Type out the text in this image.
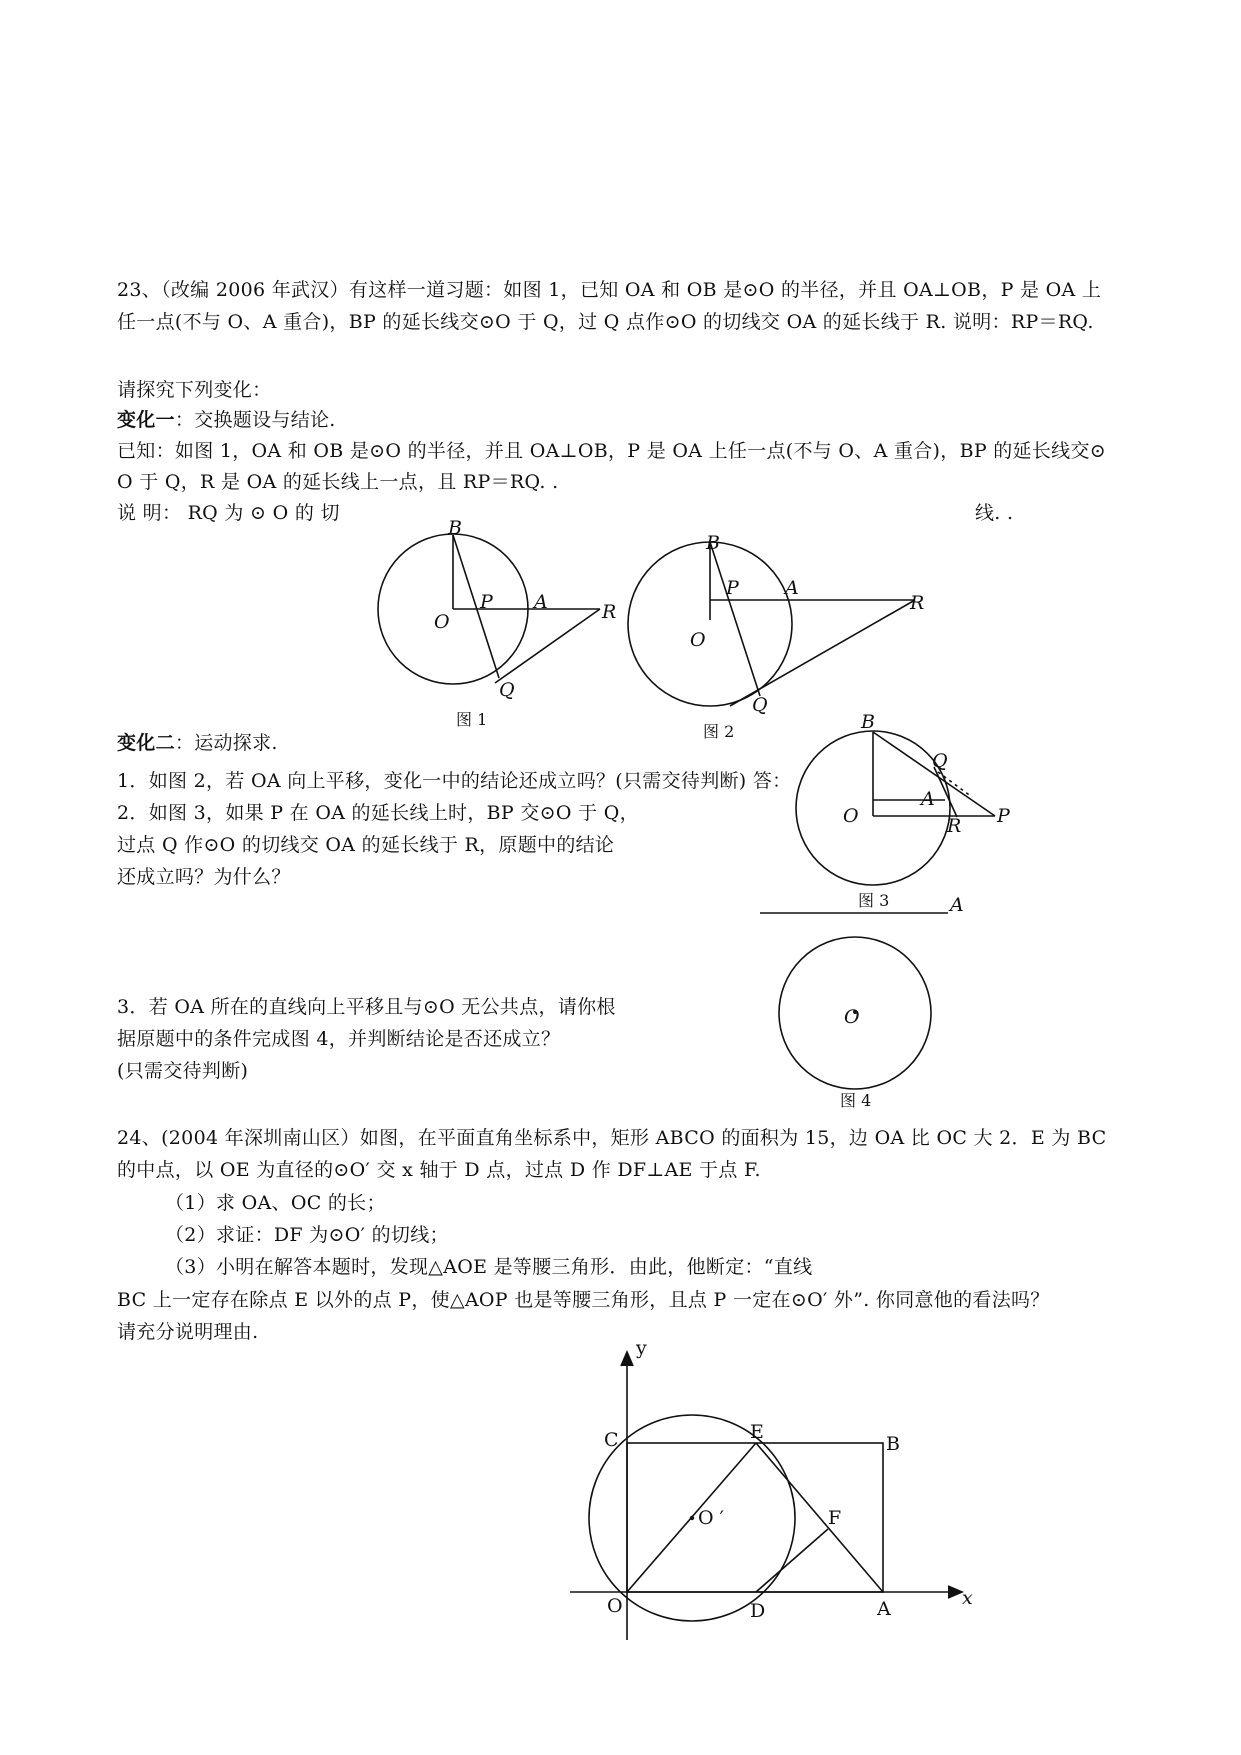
23、（改编 2006 年武汉）有这样一道习题：如图 1，已知 OA 和 OB 是⊙O 的半径，并且 OA⊥OB，P 是 OA 上
任一点(不与 O、A 重合)，BP 的延长线交⊙O 于 Q，过 Q 点作⊙O 的切线交 OA 的延长线于 R. 说明：RP＝RQ.
请探究下列变化：
变化一：交换题设与结论.
已知：如图 1，OA 和 OB 是⊙O 的半径，并且 OA⊥OB，P 是 OA 上任一点(不与 O、A 重合)，BP 的延长线交⊙
O 于 Q，R 是 OA 的延长线上一点，且 RP＝RQ. .
说 明： RQ 为 ⊙ O 的 切	线. .
变化二：运动探求.
1．如图 2，若 OA 向上平移，变化一中的结论还成立吗？(只需交待判断) 答：
2．如图 3，如果 P 在 OA 的延长线上时，BP 交⊙O 于 Q，
过点 Q 作⊙O 的切线交 OA 的延长线于 R，原题中的结论
还成立吗？为什么？
3．若 OA 所在的直线向上平移且与⊙O 无公共点，请你根
据原题中的条件完成图 4，并判断结论是否还成立？
(只需交待判断)
24、(2004 年深圳南山区）如图，在平面直角坐标系中，矩形 ABCO 的面积为 15，边 OA 比 OC 大 2．E 为 BC
的中点，以 OE 为直径的⊙O′ 交 x 轴于 D 点，过点 D 作 DF⊥AE 于点 F.
（1）求 OA、OC 的长；
（2）求证：DF 为⊙O′ 的切线；
（3）小明在解答本题时，发现△AOE 是等腰三角形．由此，他断定：“直线
BC 上一定存在除点 E 以外的点 P，使△AOP 也是等腰三角形，且点 P 一定在⊙O′ 外”. 你同意他的看法吗？
请充分说明理由.
B
O
P A	R
Q
图 1
B
O
P A
R
Q
图 2	B
O
Q
A
R P
图 3	A
O
图 4
y
x
C	E
B
O ′	F
O	D	A
